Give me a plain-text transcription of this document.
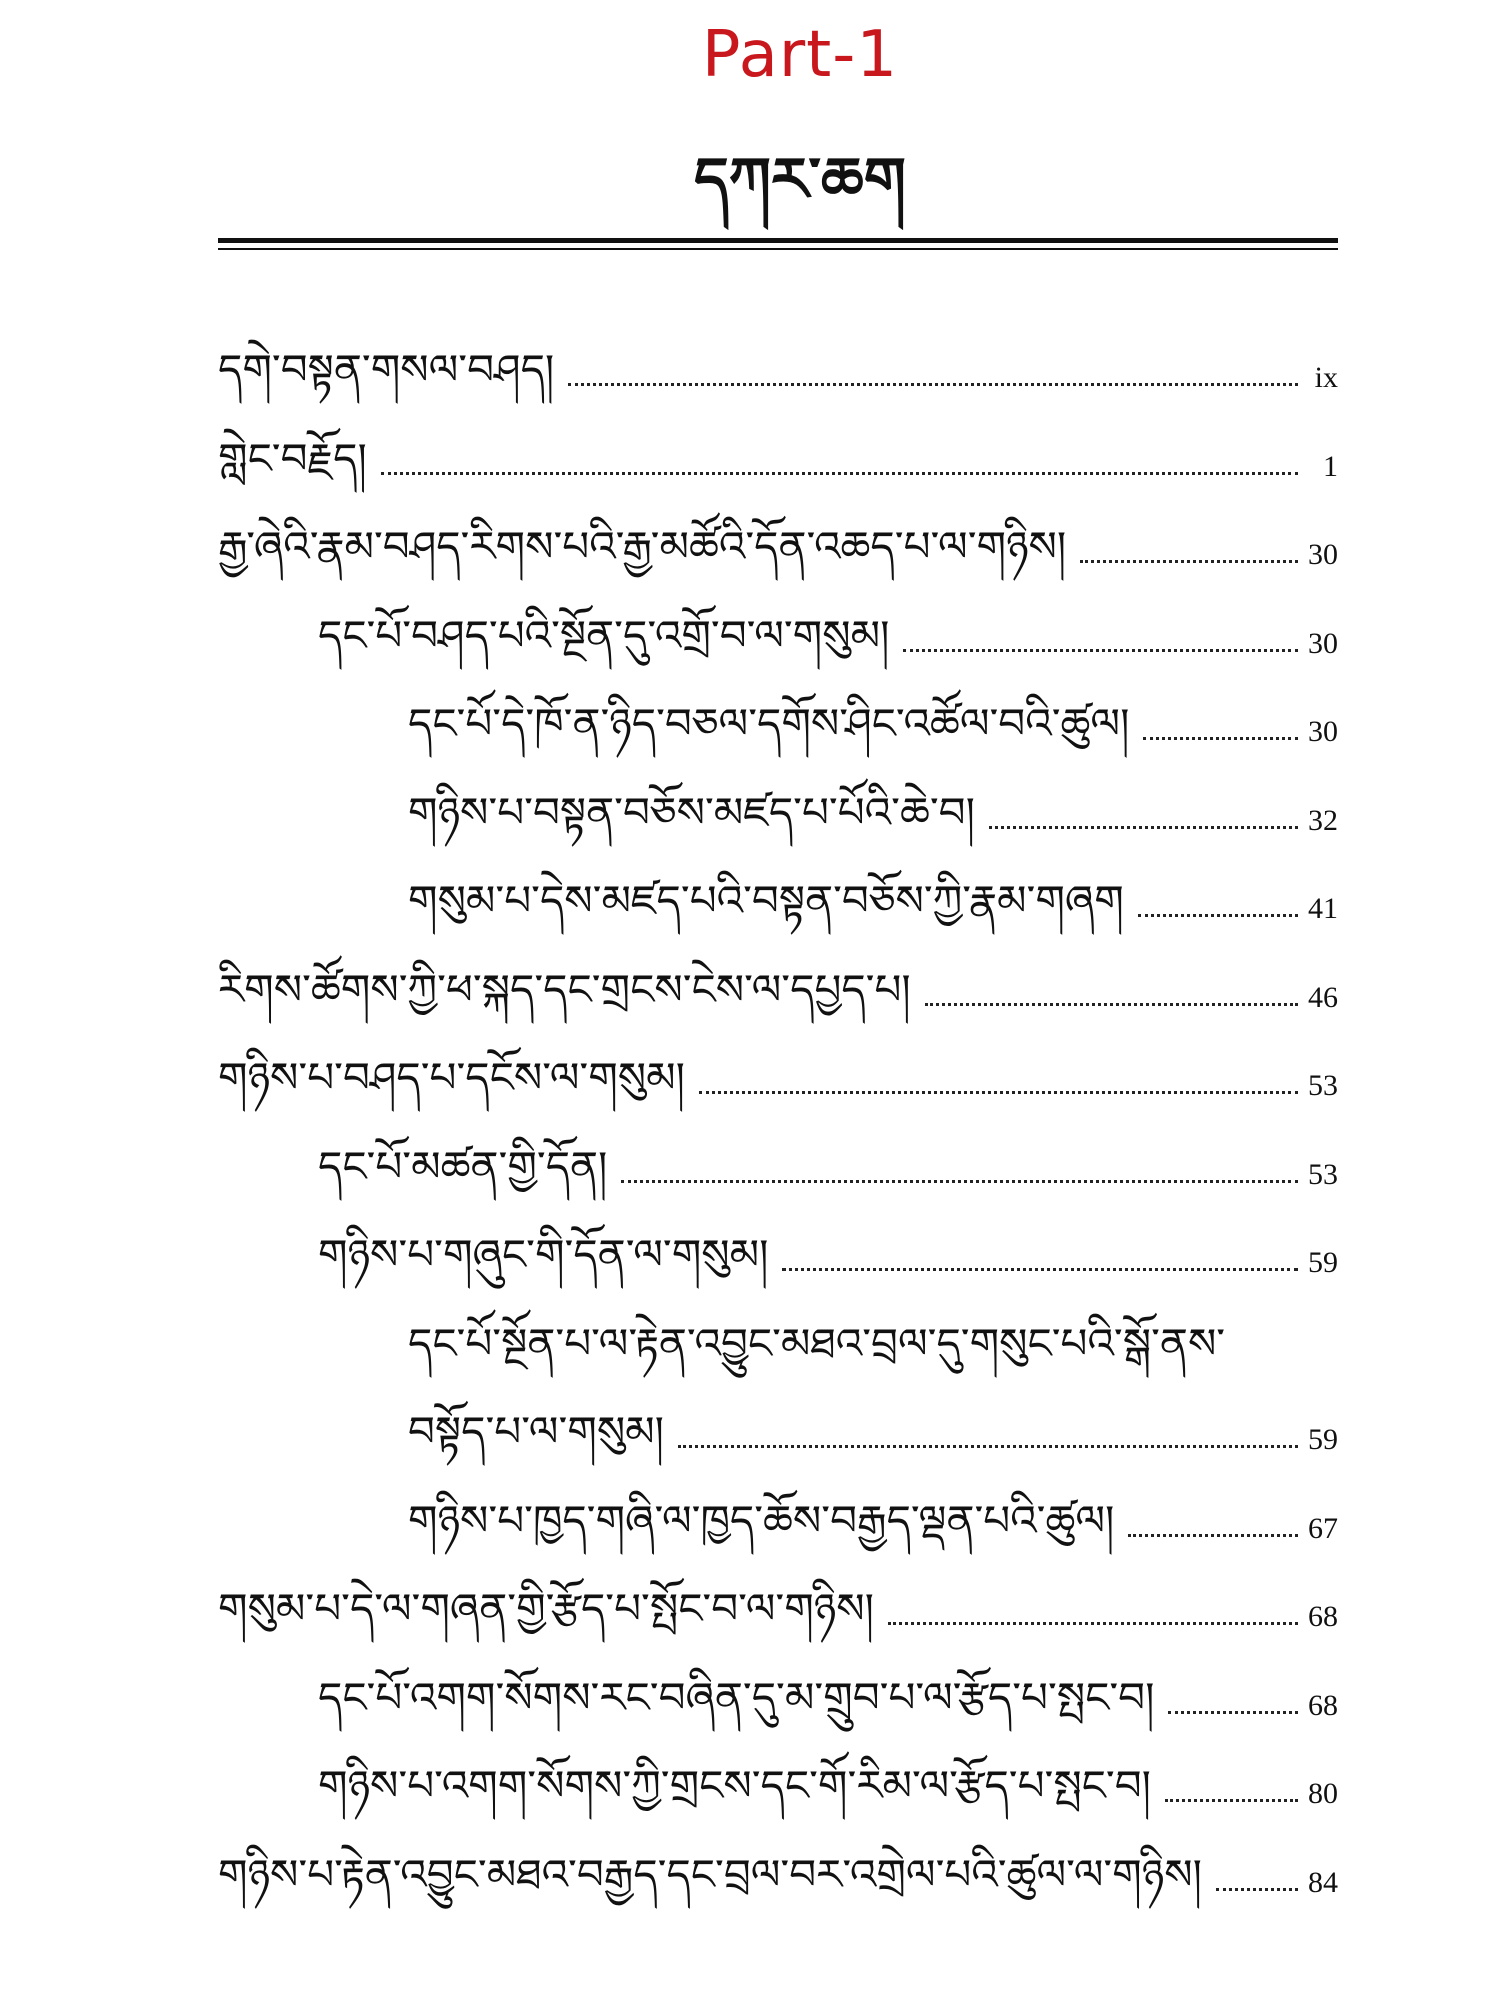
Part-1
དཀར་ཆག
དགེ་བསྟན་གསལ་བཤད།	ix
གླེང་བརྗོད།	1
རྒྱ་ཞེའི་རྣམ་བཤད་རིགས་པའི་རྒྱ་མཚོའི་དོན་འཆད་པ་ལ་གཉིས།	30
དང་པོ་བཤད་པའི་སྔོན་དུ་འགྲོ་བ་ལ་གསུམ།	30
དང་པོ་དེ་ཁོ་ན་ཉིད་བཅལ་དགོས་ཤིང་འཚོལ་བའི་ཚུལ།	30
གཉིས་པ་བསྟན་བཅོས་མཛད་པ་པོའི་ཆེ་བ།	32
གསུམ་པ་དེས་མཛད་པའི་བསྟན་བཅོས་ཀྱི་རྣམ་གཞག	41
རིགས་ཚོགས་ཀྱི་ཕ་སྐད་དང་གྲངས་ངེས་ལ་དཔྱད་པ།	46
གཉིས་པ་བཤད་པ་དངོས་ལ་གསུམ།	53
དང་པོ་མཚན་གྱི་དོན།	53
གཉིས་པ་གཞུང་གི་དོན་ལ་གསུམ།	59
དང་པོ་སྔོན་པ་ལ་རྟེན་འབྱུང་མཐའ་བྲལ་དུ་གསུང་པའི་སྒོ་ནས་
བསྟོད་པ་ལ་གསུམ།	59
གཉིས་པ་ཁྱད་གཞི་ལ་ཁྱད་ཆོས་བརྒྱད་ལྡན་པའི་ཚུལ།	67
གསུམ་པ་དེ་ལ་གཞན་གྱི་རྩོད་པ་སྤོང་བ་ལ་གཉིས།	68
དང་པོ་འགག་སོགས་རང་བཞིན་དུ་མ་གྲུབ་པ་ལ་རྩོད་པ་སྤང་བ།	68
གཉིས་པ་འགག་སོགས་ཀྱི་གྲངས་དང་གོ་རིམ་ལ་རྩོད་པ་སྤང་བ།	80
གཉིས་པ་རྟེན་འབྱུང་མཐའ་བརྒྱད་དང་བྲལ་བར་འགྲེལ་པའི་ཚུལ་ལ་གཉིས།	84
